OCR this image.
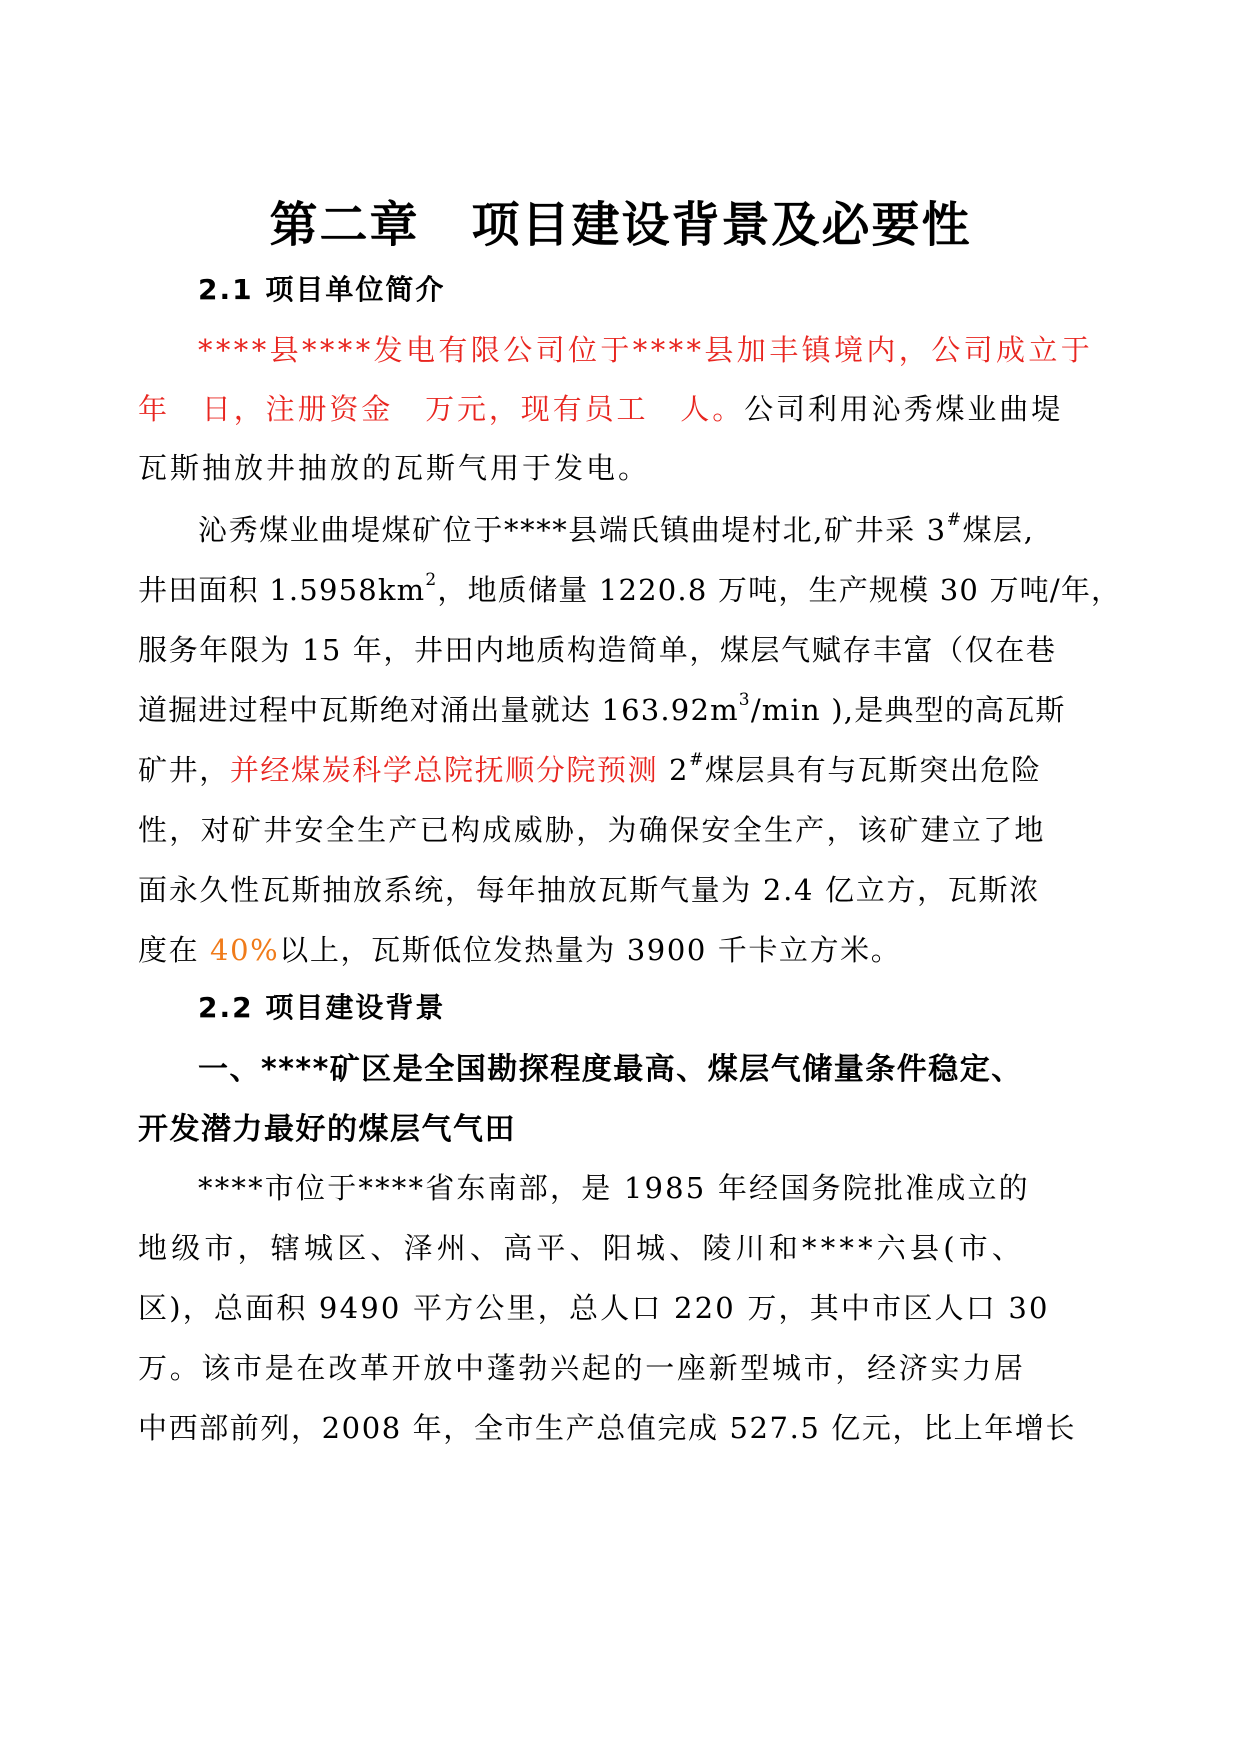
第二章 项目建设背景及必要性
2.1 项目单位简介
****县****发电有限公司位于****县加丰镇境内，公司成立于
年　日，注册资金　万元，现有员工　人。公司利用沁秀煤业曲堤
瓦斯抽放井抽放的瓦斯气用于发电。
沁秀煤业曲堤煤矿位于****县端氏镇曲堤村北,矿井采 3#煤层,
井田面积 $1.5958km^2$，地质储量 1220.8 万吨，生产规模 30 万吨/年，
服务年限为 15 年，井田内地质构造简单，煤层气赋存丰富（仅在巷
道掘进过程中瓦斯绝对涌出量就达 $163.92m^3/\min$ ),是典型的高瓦斯
矿井，并经煤炭科学总院抚顺分院预测 2#煤层具有与瓦斯突出危险
性，对矿井安全生产已构成威胁，为确保安全生产，该矿建立了地
面永久性瓦斯抽放系统，每年抽放瓦斯气量为 2.4 亿立方，瓦斯浓
度在 40%以上，瓦斯低位发热量为 3900 千卡立方米。
2.2 项目建设背景
一、****矿区是全国勘探程度最高、煤层气储量条件稳定、
开发潜力最好的煤层气气田
****市位于****省东南部，是 1985 年经国务院批准成立的
地级市，辖城区、泽州、高平、阳城、陵川和****六县(市、
区)，总面积 9490 平方公里，总人口 220 万，其中市区人口 30
万。该市是在改革开放中蓬勃兴起的一座新型城市，经济实力居
中西部前列，2008 年，全市生产总值完成 527.5 亿元，比上年增长
